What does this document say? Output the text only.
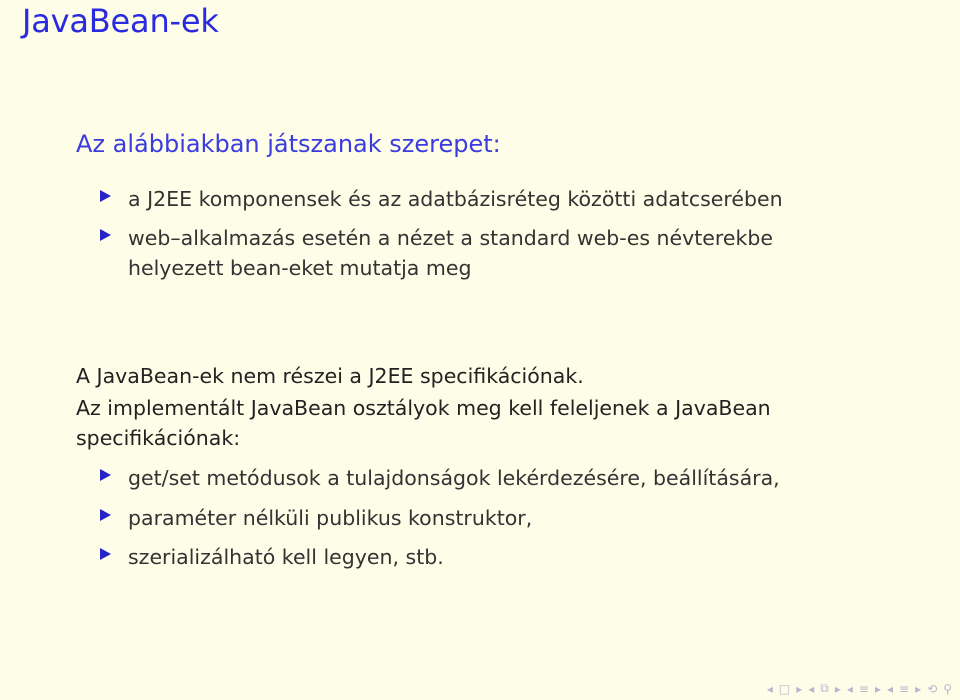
JavaBean-ek
Az alábbiakban játszanak szerepet:
a J2EE komponensek és az adatbázisréteg közötti adatcserében
web–alkalmazás esetén a nézet a standard web-es névterekbe helyezett bean-eket mutatja meg
A JavaBean-ek nem részei a J2EE specifikációnak.
Az implementált JavaBean osztályok meg kell feleljenek a JavaBean specifikációnak:
get/set metódusok a tulajdonságok lekérdezésére, beállítására,
paraméter nélküli publikus konstruktor,
szerializálható kell legyen, stb.
◂ □ ▸ ◂ ⧉ ▸ ◂ ≡ ▸ ◂ ≡ ▸ ⟲ ⚲
